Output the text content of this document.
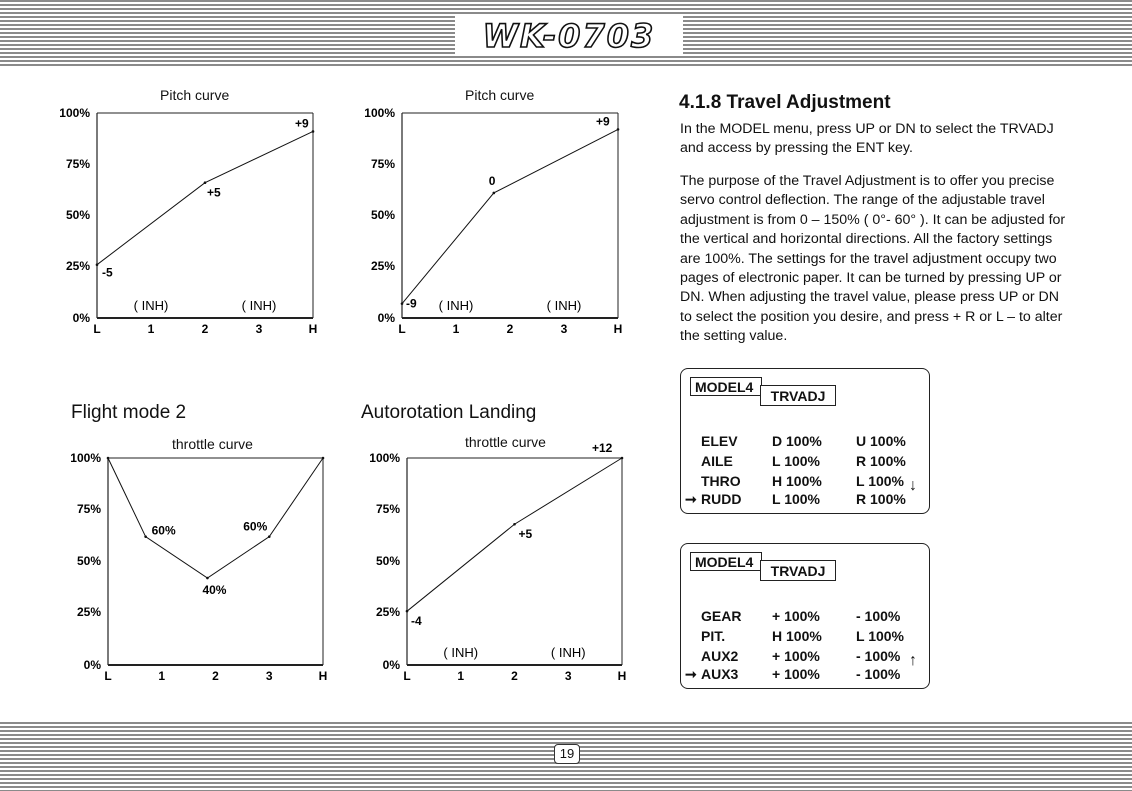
WK-0703
Pitch curve	Pitch curve
Flight mode 2	Autorotation Landing
throttle curve	throttle curve
100%
75%
50%
25%
0%
L	1	2	3	H
-5
+5
+9
( INH)	( INH)
100%
75%
50%
25%
0%
L	1	2	3	H
-9
0
+9
( INH)	( INH)
100%
75%
50%
25%
0%
L	1	2	3	H
60%
40%
60%
100%
75%
50%
25%
0%
L	1	2	3	H
-4
+5
+12
( INH)	( INH)
4.1.8 Travel Adjustment
In the MODEL menu, press UP or DN to select the TRVADJ and access by pressing the ENT key.
The purpose of the Travel Adjustment is to offer you precise servo control deflection. The range of the adjustable travel adjustment is from 0 – 150% ( 0°- 60° ). It can be adjusted for the vertical and horizontal directions. All the factory settings are 100%. The settings for the travel adjustment occupy two pages of electronic paper. It can be turned by pressing UP or DN. When adjusting the travel value, please press UP or DN to select the position you desire, and press + R or L – to alter the setting value.
MODEL4
TRVADJ
ELEV D 100% U 100%
AILE	L 100%	R 100%
THRO H 100% L 100%
➞ RUDD L 100%	R 100%
↓
MODEL4
TRVADJ
GEAR + 100%	- 100%
PIT.	H 100% L 100%
AUX2 + 100%	- 100%
➞ AUX3 + 100%	- 100%
↑
19
